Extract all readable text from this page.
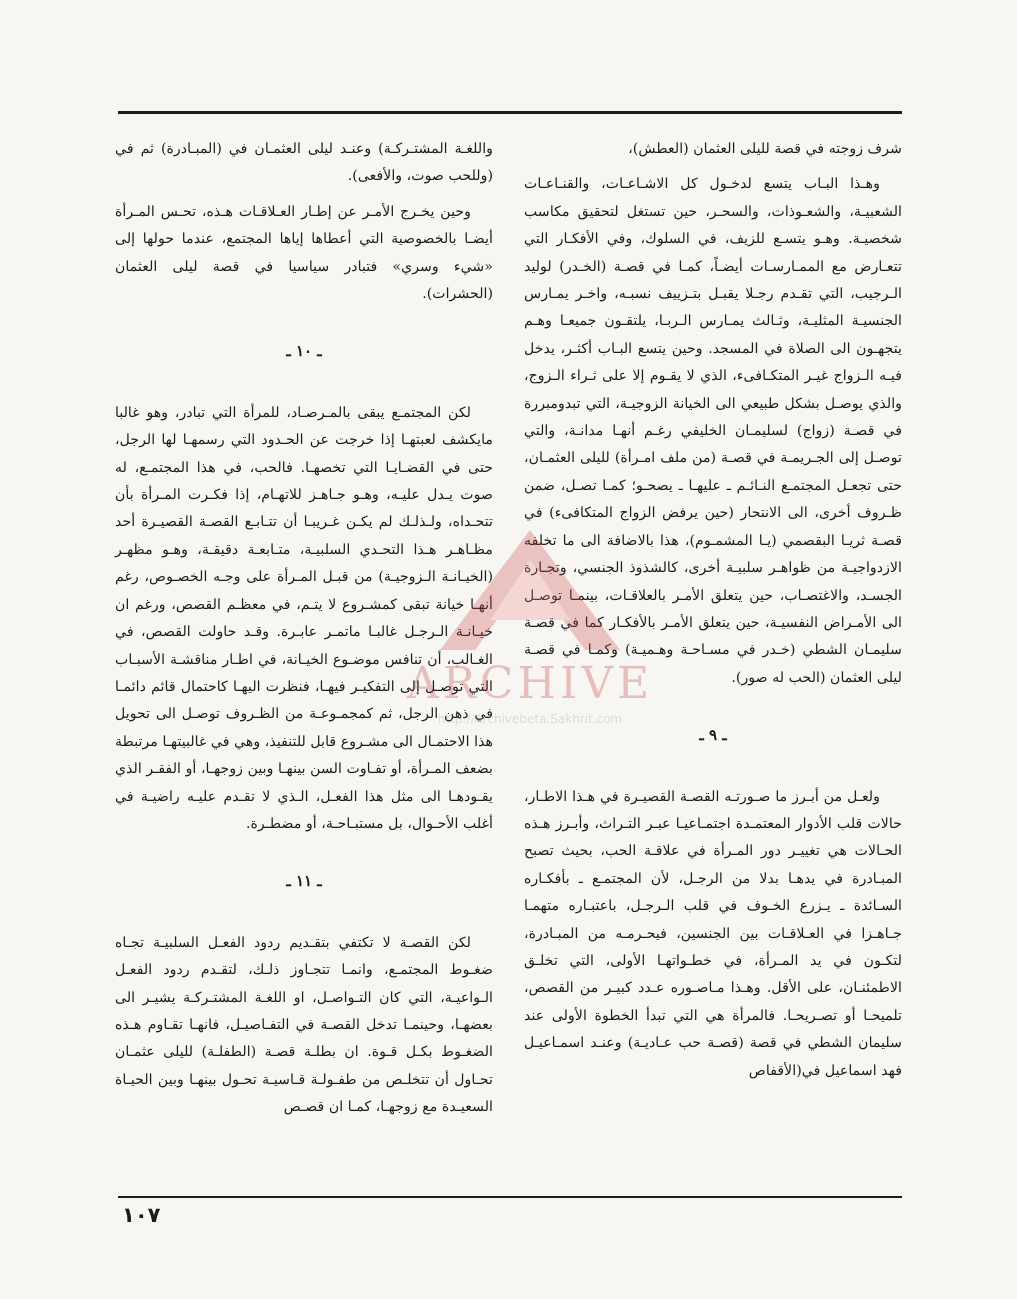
شرف زوجته في قصة لليلى العثمان (العطش)،

وهـذا البـاب يتسع لدخـول كل الاشـاعـات، والقنـاعـات الشعبيـة، والشعـوذات، والسحـر، حين تستغل لتحقيق مكاسب شخصيـة. وهـو يتسـع للزيف، في السلوك، وفي الأفكـار التي تتعـارض مع الممـارسـات أيضـاً، كمـا في قصـة (الخـدر) لوليد الـرجيب، التي تقـدم رجـلا يقبـل بتـزييف نسبـه، واخـر يمـارس الجنسيـة المثليـة، وثـالث يمـارس الـربـا، يلتقـون جميعـا وهـم يتجهـون الى الصلاة في المسجد. وحين يتسع البـاب أكثـر، يدخل فيـه الـزواج غيـر المتكـافىء، الذي لا يقـوم إلا على ثـراء الـزوج، والذي يوصـل بشكل طبيعي الى الخيانة الزوجيـة، التي تبدومبررة في قصـة (زواج) لسليمـان الخليفي رغـم أنهـا مدانـة، والتي توصـل إلى الجـريمـة في قصـة (من ملف امـرأة) لليلى العثمـان، حتى تجعـل المجتمـع النـائـم ـ عليهـا ـ يصحـو؛ كمـا تصـل، ضمن ظـروف أخرى، الى الانتحار (حين يرفض الزواج المتكافىء) في قصـة ثريـا البقصمي (يـا المشمـوم)، هذا بالاضافة الى ما تخلفه الازدواجيـة من ظواهـر سلبيـة أخرى، كالشذوذ الجنسي، وتجـارة الجسـد، والاغتصـاب، حين يتعلق الأمـر بالعلاقـات، بينمـا توصـل الى الأمـراض النفسيـة، حين يتعلق الأمـر بالأفكـار كما في قصـة سليمـان الشطي (خـدر في مسـاحـة وهـميـة) وكمـا في قصـة ليلى العثمان (الحب له صور).

ـ ٩ ـ

ولعـل من أبـرز ما صـورتـه القصـة القصيـرة في هـذا الاطـار، حالات قلب الأدوار المعتمـدة اجتمـاعيـا عبـر التـراث، وأبـرز هـذه الحـالات هي تغييـر دور المـرأة في علاقـة الحب، بحيث تصبح المبـادرة في يدهـا بدلا من الرجـل، لأن المجتمـع ـ بأفكـاره السـائدة ـ يـزرع الخـوف في قلب الـرجـل، باعتبـاره متهمـا جـاهـزا في العـلاقـات بين الجنسين، فيحـرمـه من المبـادرة، لتكـون في يد المـرأة، في خطـواتهـا الأولى، التي تخلـق الاطمئنـان، على الأقل. وهـذا مـاصـوره عـدد كبيـر من القصص، تلميحـا أو تصـريحـا. فالمرأة هي التي تبدأ الخطوة الأولى عند سليمان الشطي في قصة (قصـة حب عـاديـة) وعنـد اسمـاعيـل فهد اسماعيل في(الأقفاص

واللغـة المشتـركـة) وعنـد ليلى العثمـان في (المبـادرة) ثم في (وللحب صوت، والأفعى).

وحين يخـرج الأمـر عن إطـار العـلاقـات هـذه، تحـس المـرأة أيضـا بالخصوصية التي أعطاها إياها المجتمع، عندما حولها إلى «شيء وسري» فتبادر سياسيا في قصة ليلى العثمان (الحشرات).

ـ ١٠ ـ

لكن المجتمـع يبقى بالمـرصـاد، للمرأة التي تبادر، وهو غالبا مايكشف لعبتهـا إذا خرجت عن الحـدود التي رسمهـا لها الرجل، حتى في القضـايـا التي تخصهـا. فالحب، في هذا المجتمـع، له صوت يـدل عليـه، وهـو جـاهـز للاتهـام، إذا فكـرت المـرأة بأن تتحـداه، ولـذلـك لم يكـن غـريبـا أن تتـابـع القصـة القصيـرة أحد مظـاهـر هـذا التحـدي السلبيـة، متـابعـة دقيقـة، وهـو مظهـر (الخيـانـة الـزوجيـة) من قبـل المـرأة على وجـه الخصـوص، رغم أنهـا خيانة تبقى كمشـروع لا يتـم، في معظـم القصص، ورغم ان خيـانـة الـرجـل غالبـا ماتمـر عابـرة. وقـد حاولت القصص، في الغـالب، أن تنافس موضـوع الخيـانة، في اطـار مناقشـة الأسبـاب التي توصـل إلى التفكيـر فيهـا، فنظرت اليهـا كاحتمال قائم دائمـا في ذهن الرجل، ثم كمجمـوعـة من الظـروف توصـل الى تحويل هذا الاحتمـال الى مشـروع قابل للتنفيذ، وهي في غالبيتهـا مرتبطة بضعف المـرأة، أو تفـاوت السن بينهـا وبين زوجهـا، أو الفقـر الذي يقـودهـا الى مثل هذا الفعـل، الـذي لا تقـدم عليـه راضيـة في أغلب الأحـوال، بل مستبـاحـة، أو مضطـرة.

ـ ١١ ـ

لكن القصـة لا تكتفي بتقـديم ردود الفعـل السلبيـة تجـاه ضغـوط المجتمـع، وانمـا تتجـاوز ذلـك، لتقـدم ردود الفعـل الـواعيـة، التي كان التـواصـل، او اللغـة المشتـركـة يشيـر الى بعضهـا، وحينمـا تدخل القصـة في التفـاصيـل، فانهـا تقـاوم هـذه الضغـوط بكـل قـوة. ان بطلـة قصـة (الطفلـة) لليلى عثمـان تحـاول أن تتخلـص من طفـولـة قـاسيـة تحـول بينهـا وبين الحيـاة السعيـدة مع زوجهـا، كمـا ان قصـص

ARCHIVE
http://Archivebeta.Sakhrit.com
١٠٧
